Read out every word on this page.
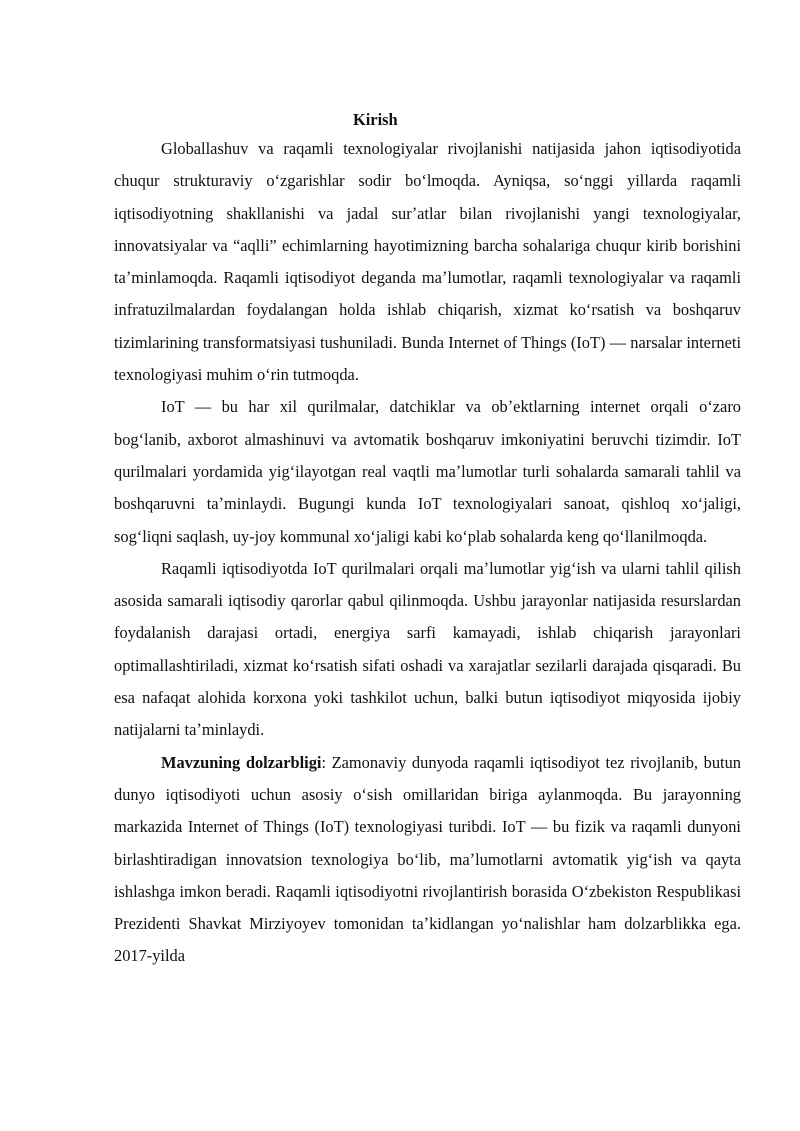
Kirish

Globallashuv va raqamli texnologiyalar rivojlanishi natijasida jahon iqtisodiyotida chuqur strukturaviy oʻzgarishlar sodir boʻlmoqda. Ayniqsa, soʻnggi yillarda raqamli iqtisodiyotning shakllanishi va jadal surʼatlar bilan rivojlanishi yangi texnologiyalar, innovatsiyalar va “aqlli” echimlarning hayotimizning barcha sohalariga chuqur kirib borishini taʼminlamoqda. Raqamli iqtisodiyot deganda maʼlumotlar, raqamli texnologiyalar va raqamli infratuzilmalardan foydalangan holda ishlab chiqarish, xizmat koʻrsatish va boshqaruv tizimlarining transformatsiyasi tushuniladi. Bunda Internet of Things (IoT) — narsalar interneti texnologiyasi muhim oʻrin tutmoqda.

IoT — bu har xil qurilmalar, datchiklar va obʼektlarning internet orqali oʻzaro bogʻlanib, axborot almashinuvi va avtomatik boshqaruv imkoniyatini beruvchi tizimdir. IoT qurilmalari yordamida yigʻilayotgan real vaqtli maʼlumotlar turli sohalarda samarali tahlil va boshqaruvni taʼminlaydi. Bugungi kunda IoT texnologiyalari sanoat, qishloq xoʻjaligi, sogʻliqni saqlash, uy-joy kommunal xoʻjaligi kabi koʻplab sohalarda keng qoʻllanilmoqda.

Raqamli iqtisodiyotda IoT qurilmalari orqali maʼlumotlar yigʻish va ularni tahlil qilish asosida samarali iqtisodiy qarorlar qabul qilinmoqda. Ushbu jarayonlar natijasida resurslardan foydalanish darajasi ortadi, energiya sarfi kamayadi, ishlab chiqarish jarayonlari optimallashtiriladi, xizmat koʻrsatish sifati oshadi va xarajatlar sezilarli darajada qisqaradi. Bu esa nafaqat alohida korxona yoki tashkilot uchun, balki butun iqtisodiyot miqyosida ijobiy natijalarni taʼminlaydi.

Mavzuning dolzarbligi: Zamonaviy dunyoda raqamli iqtisodiyot tez rivojlanib, butun dunyo iqtisodiyoti uchun asosiy oʻsish omillaridan biriga aylanmoqda. Bu jarayonning markazida Internet of Things (IoT) texnologiyasi turibdi. IoT — bu fizik va raqamli dunyoni birlashtiradigan innovatsion texnologiya boʻlib, maʼlumotlarni avtomatik yigʻish va qayta ishlashga imkon beradi. Raqamli iqtisodiyotni rivojlantirish borasida Oʻzbekiston Respublikasi Prezidenti Shavkat Mirziyoyev tomonidan taʼkidlangan yoʻnalishlar ham dolzarblikka ega. 2017-yilda
